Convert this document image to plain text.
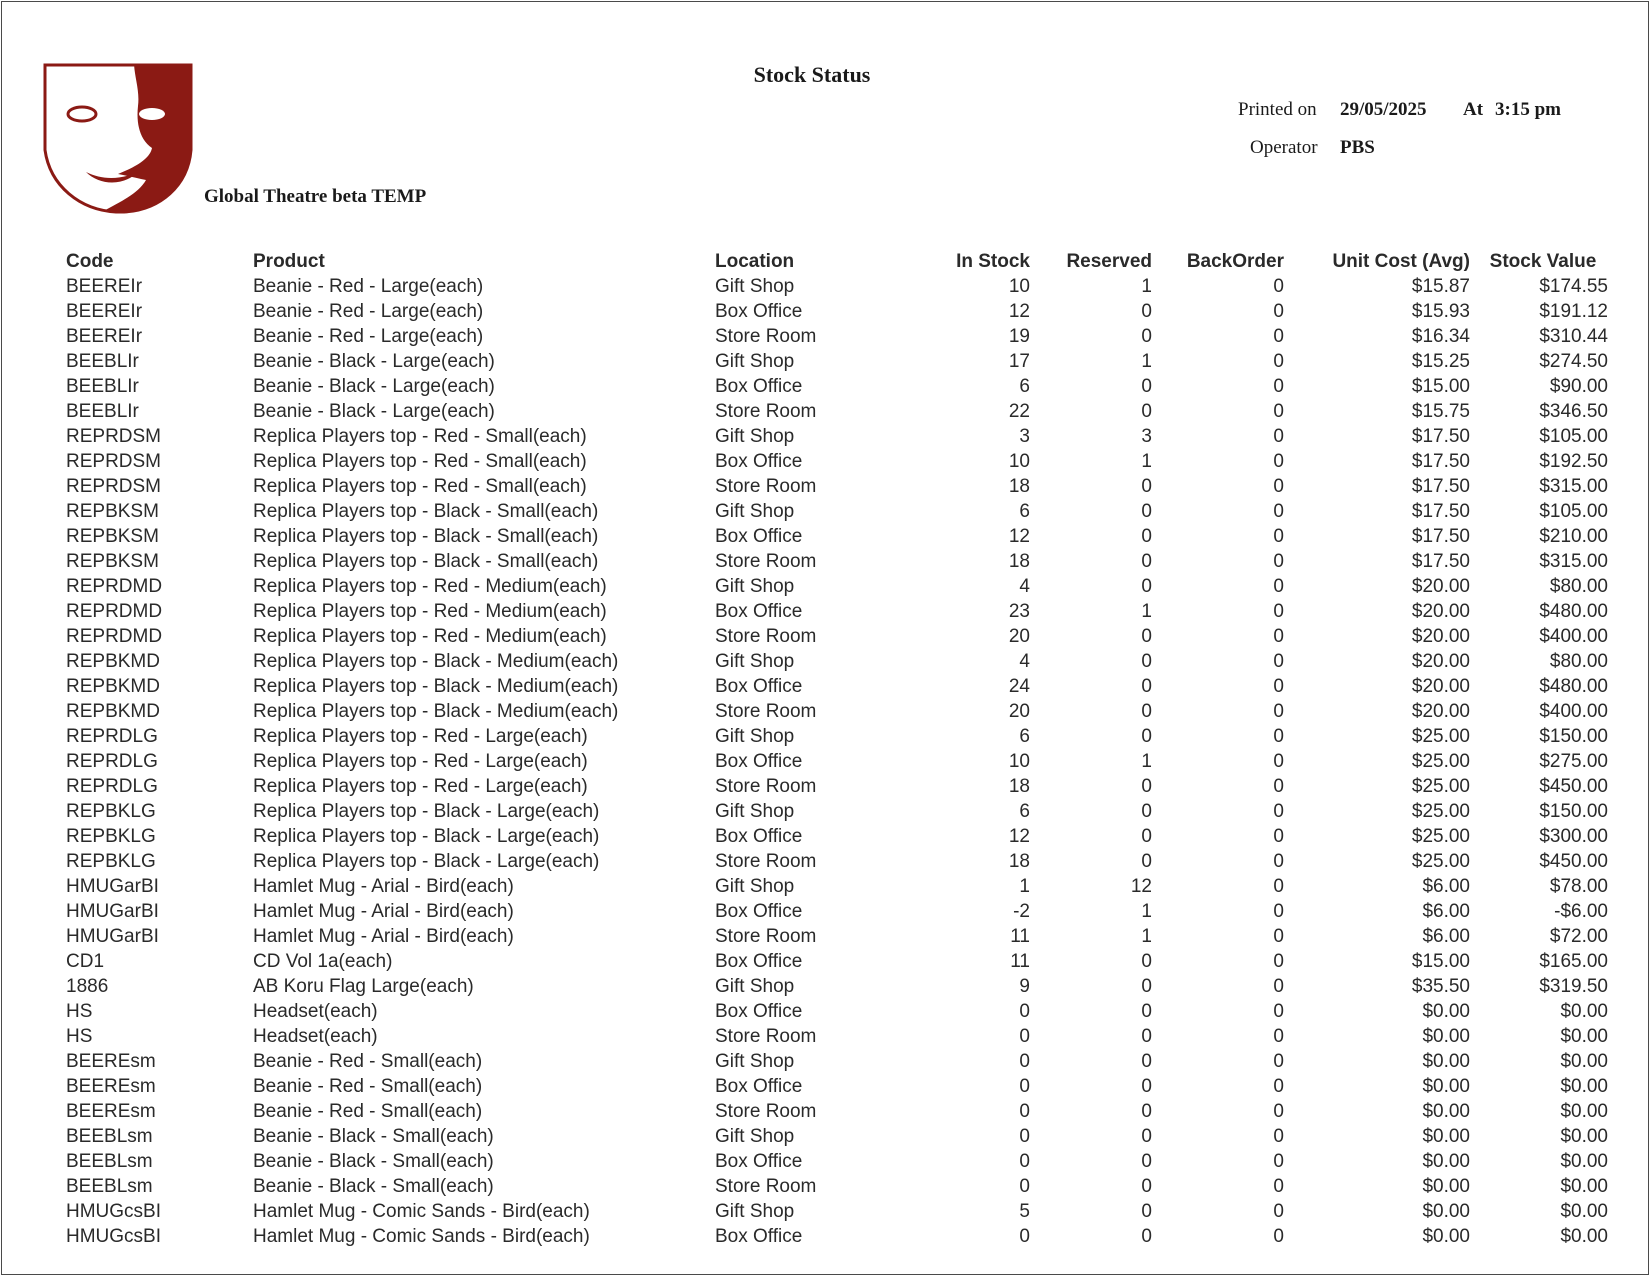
Global Theatre beta TEMP
Stock Status
Printed on 29/05/2025 At 3:15 pm
Operator PBS
Code	Product	Location	In Stock	Reserved	BackOrder	Unit Cost (Avg)	Stock Value
BEEREIr	Beanie - Red - Large(each)	Gift Shop	10	1	0	$15.87	$174.55
BEEREIr	Beanie - Red - Large(each)	Box Office	12	0	0	$15.93	$191.12
BEEREIr	Beanie - Red - Large(each)	Store Room	19	0	0	$16.34	$310.44
BEEBLIr	Beanie - Black - Large(each)	Gift Shop	17	1	0	$15.25	$274.50
BEEBLIr	Beanie - Black - Large(each)	Box Office	6	0	0	$15.00	$90.00
BEEBLIr	Beanie - Black - Large(each)	Store Room	22	0	0	$15.75	$346.50
REPRDSM	Replica Players top - Red - Small(each)	Gift Shop	3	3	0	$17.50	$105.00
REPRDSM	Replica Players top - Red - Small(each)	Box Office	10	1	0	$17.50	$192.50
REPRDSM	Replica Players top - Red - Small(each)	Store Room	18	0	0	$17.50	$315.00
REPBKSM	Replica Players top - Black - Small(each)	Gift Shop	6	0	0	$17.50	$105.00
REPBKSM	Replica Players top - Black - Small(each)	Box Office	12	0	0	$17.50	$210.00
REPBKSM	Replica Players top - Black - Small(each)	Store Room	18	0	0	$17.50	$315.00
REPRDMD	Replica Players top - Red - Medium(each)	Gift Shop	4	0	0	$20.00	$80.00
REPRDMD	Replica Players top - Red - Medium(each)	Box Office	23	1	0	$20.00	$480.00
REPRDMD	Replica Players top - Red - Medium(each)	Store Room	20	0	0	$20.00	$400.00
REPBKMD	Replica Players top - Black - Medium(each)	Gift Shop	4	0	0	$20.00	$80.00
REPBKMD	Replica Players top - Black - Medium(each)	Box Office	24	0	0	$20.00	$480.00
REPBKMD	Replica Players top - Black - Medium(each)	Store Room	20	0	0	$20.00	$400.00
REPRDLG	Replica Players top - Red - Large(each)	Gift Shop	6	0	0	$25.00	$150.00
REPRDLG	Replica Players top - Red - Large(each)	Box Office	10	1	0	$25.00	$275.00
REPRDLG	Replica Players top - Red - Large(each)	Store Room	18	0	0	$25.00	$450.00
REPBKLG	Replica Players top - Black - Large(each)	Gift Shop	6	0	0	$25.00	$150.00
REPBKLG	Replica Players top - Black - Large(each)	Box Office	12	0	0	$25.00	$300.00
REPBKLG	Replica Players top - Black - Large(each)	Store Room	18	0	0	$25.00	$450.00
HMUGarBI	Hamlet Mug - Arial - Bird(each)	Gift Shop	1	12	0	$6.00	$78.00
HMUGarBI	Hamlet Mug - Arial - Bird(each)	Box Office	-2	1	0	$6.00	-$6.00
HMUGarBI	Hamlet Mug - Arial - Bird(each)	Store Room	11	1	0	$6.00	$72.00
CD1	CD Vol 1a(each)	Box Office	11	0	0	$15.00	$165.00
1886	AB Koru Flag Large(each)	Gift Shop	9	0	0	$35.50	$319.50
HS	Headset(each)	Box Office	0	0	0	$0.00	$0.00
HS	Headset(each)	Store Room	0	0	0	$0.00	$0.00
BEEREsm	Beanie - Red - Small(each)	Gift Shop	0	0	0	$0.00	$0.00
BEEREsm	Beanie - Red - Small(each)	Box Office	0	0	0	$0.00	$0.00
BEEREsm	Beanie - Red - Small(each)	Store Room	0	0	0	$0.00	$0.00
BEEBLsm	Beanie - Black - Small(each)	Gift Shop	0	0	0	$0.00	$0.00
BEEBLsm	Beanie - Black - Small(each)	Box Office	0	0	0	$0.00	$0.00
BEEBLsm	Beanie - Black - Small(each)	Store Room	0	0	0	$0.00	$0.00
HMUGcsBI	Hamlet Mug - Comic Sands - Bird(each)	Gift Shop	5	0	0	$0.00	$0.00
HMUGcsBI	Hamlet Mug - Comic Sands - Bird(each)	Box Office	0	0	0	$0.00	$0.00
